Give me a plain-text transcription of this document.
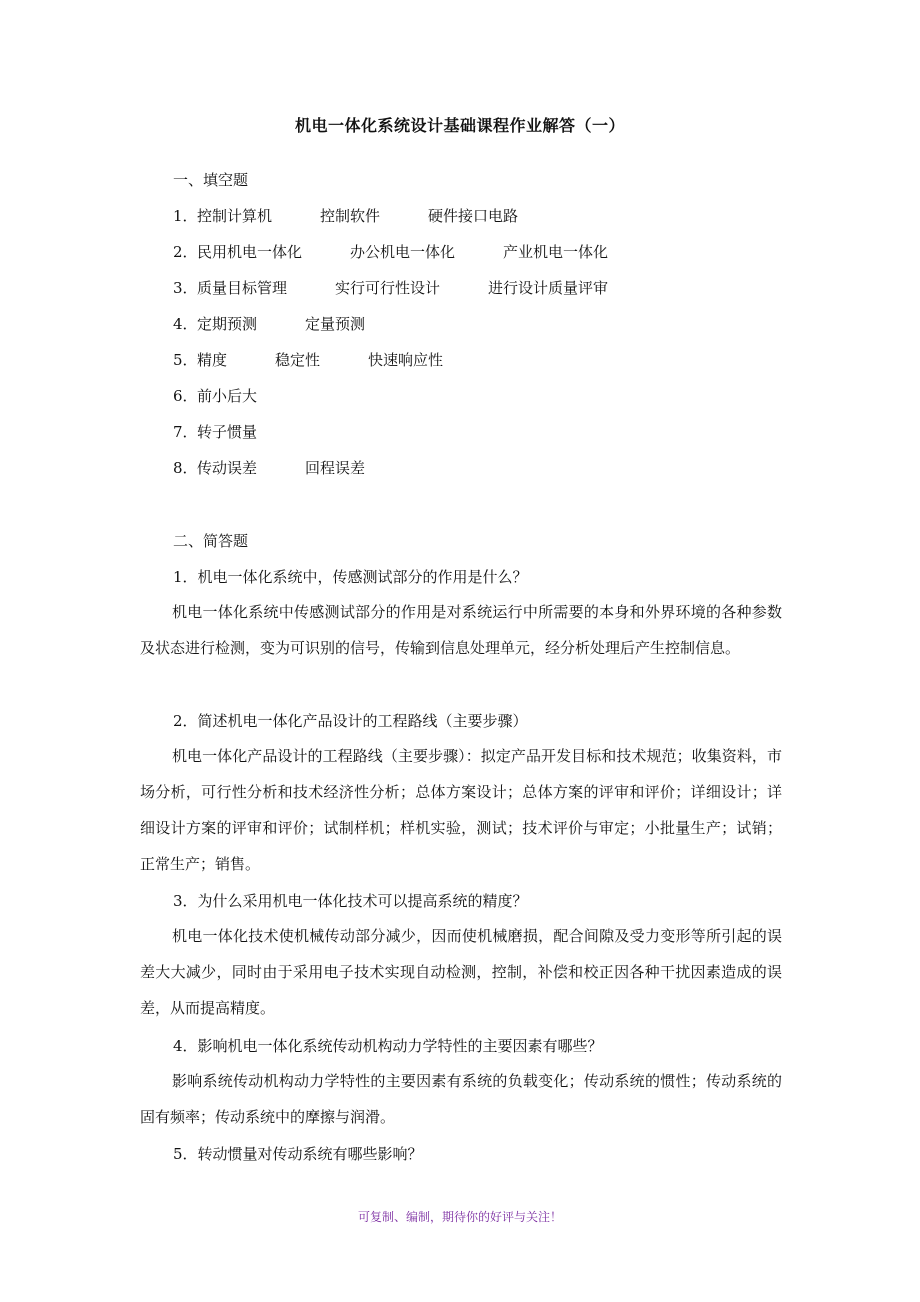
机电一体化系统设计基础课程作业解答（一）
一、填空题
1．控制计算机	控制软件	硬件接口电路
2．民用机电一体化	办公机电一体化	产业机电一体化
3．质量目标管理	实行可行性设计	进行设计质量评审
4．定期预测	定量预测
5．精度	稳定性	快速响应性
6．前小后大
7．转子惯量
8．传动误差	回程误差
二、简答题
1．机电一体化系统中，传感测试部分的作用是什么？
机电一体化系统中传感测试部分的作用是对系统运行中所需要的本身和外界环境的各种参数及状态进行检测，变为可识别的信号，传输到信息处理单元，经分析处理后产生控制信息。
2．简述机电一体化产品设计的工程路线（主要步骤）
机电一体化产品设计的工程路线（主要步骤）：拟定产品开发目标和技术规范；收集资料，市场分析，可行性分析和技术经济性分析；总体方案设计；总体方案的评审和评价；详细设计；详细设计方案的评审和评价；试制样机；样机实验，测试；技术评价与审定；小批量生产；试销；正常生产；销售。
3．为什么采用机电一体化技术可以提高系统的精度？
机电一体化技术使机械传动部分减少，因而使机械磨损，配合间隙及受力变形等所引起的误差大大减少，同时由于采用电子技术实现自动检测，控制，补偿和校正因各种干扰因素造成的误差，从而提高精度。
4．影响机电一体化系统传动机构动力学特性的主要因素有哪些？
影响系统传动机构动力学特性的主要因素有系统的负载变化；传动系统的惯性；传动系统的固有频率；传动系统中的摩擦与润滑。
5．转动惯量对传动系统有哪些影响？
可复制、编制，期待你的好评与关注！
